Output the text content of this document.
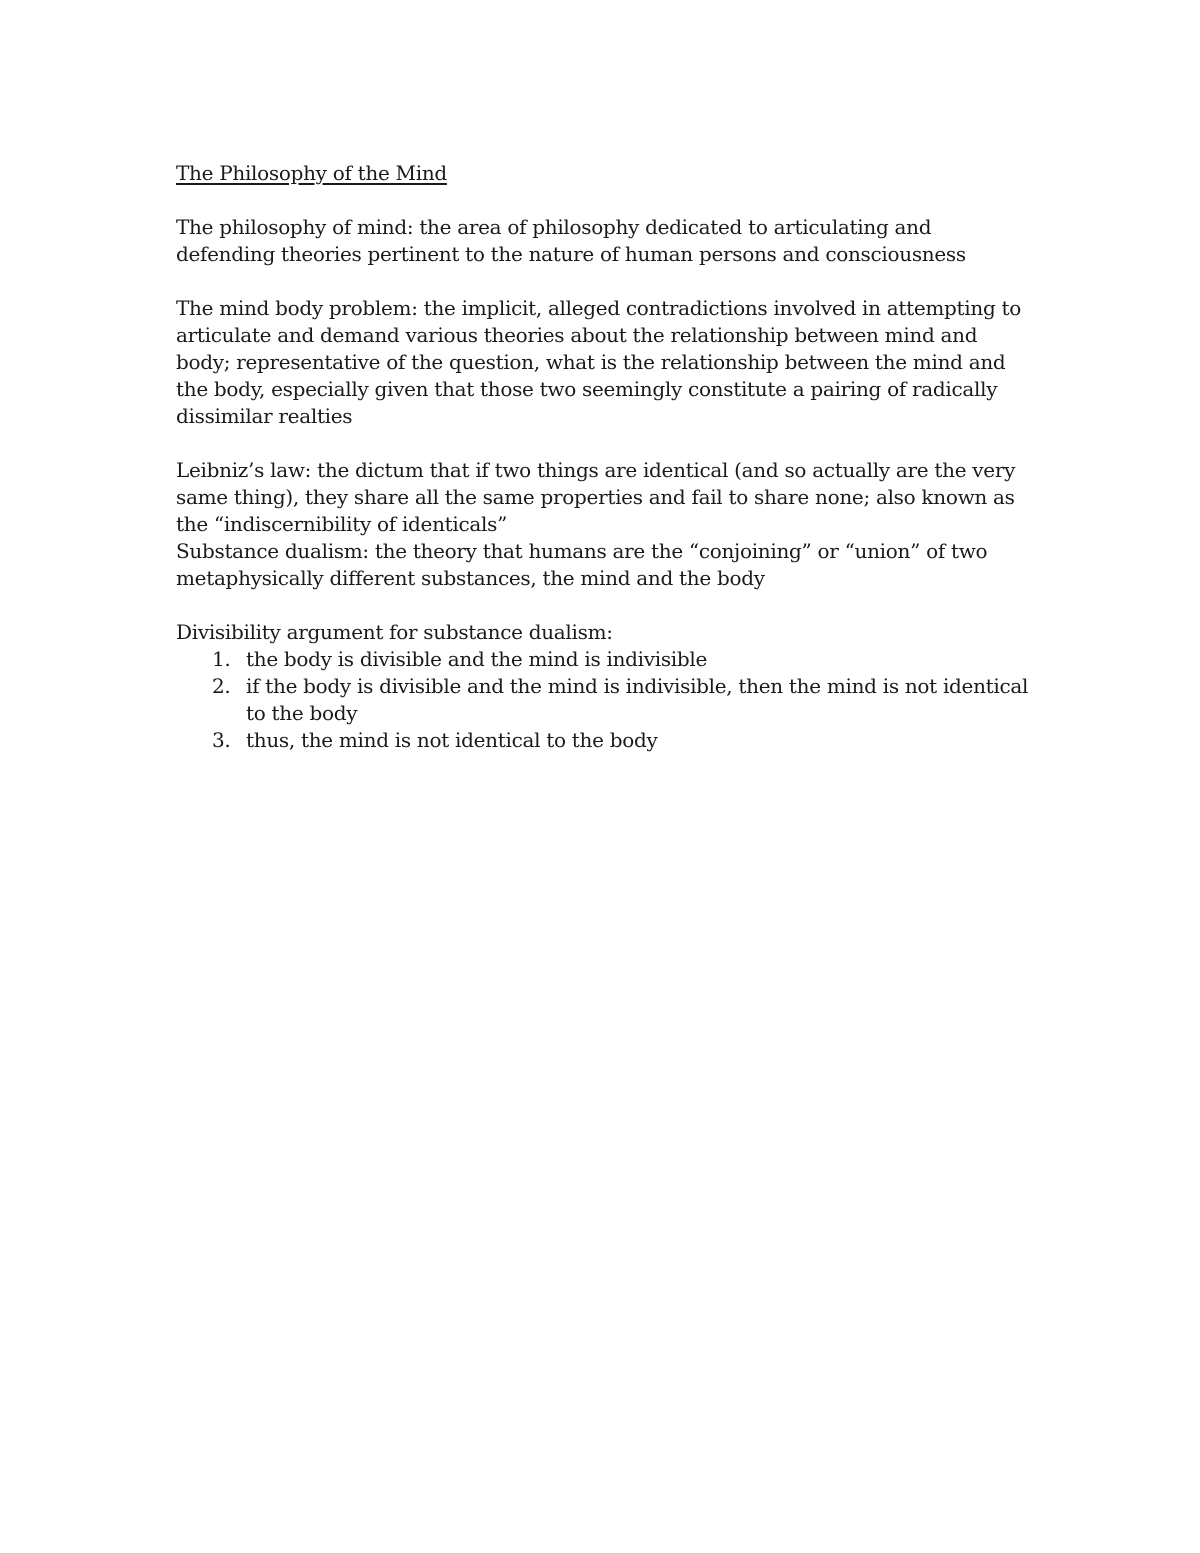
The Philosophy of the Mind

The philosophy of mind: the area of philosophy dedicated to articulating and defending theories pertinent to the nature of human persons and consciousness

The mind body problem: the implicit, alleged contradictions involved in attempting to articulate and demand various theories about the relationship between mind and body; representative of the question, what is the relationship between the mind and the body, especially given that those two seemingly constitute a pairing of radically dissimilar realties

Leibniz’s law: the dictum that if two things are identical (and so actually are the very same thing), they share all the same properties and fail to share none; also known as the “indiscernibility of identicals”

Substance dualism: the theory that humans are the “conjoining” or “union” of two metaphysically different substances, the mind and the body

Divisibility argument for substance dualism:

1. the body is divisible and the mind is indivisible
2. if the body is divisible and the mind is indivisible, then the mind is not identical to the body
3. thus, the mind is not identical to the body
